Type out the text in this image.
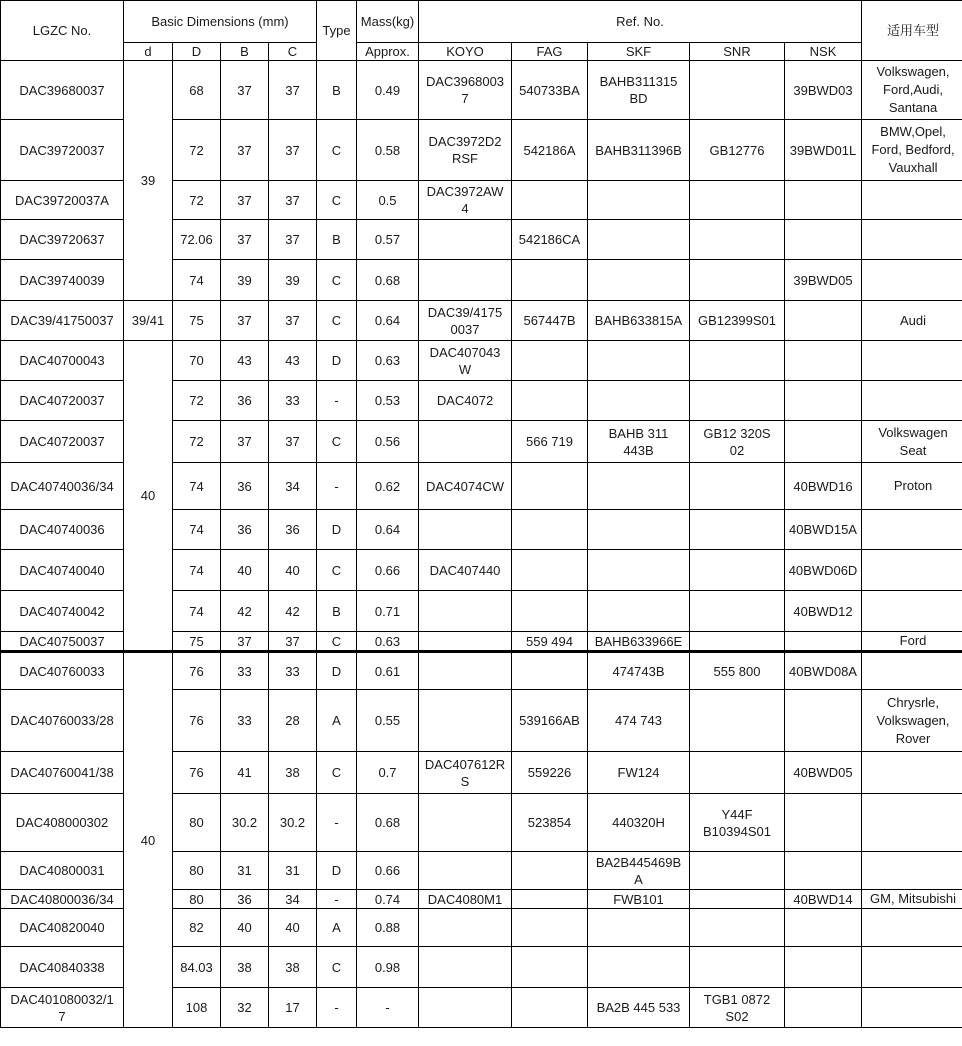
LGZC No.	Basic Dimensions (mm)				Type	Mass(kg)	Ref. No.					适用车型
	d	D	B	C		Approx.	KOYO	FAG	SKF	SNR	NSK	
DAC39680037	39	68	37	37	B	0.49	DAC3968003
7	540733BA	BAHB311315
BD		39BWD03	Volkswagen,
Ford,Audi,
Santana
DAC39720037		72	37	37	C	0.58	DAC3972D2
RSF	542186A	BAHB311396B	GB12776	39BWD01L	BMW,Opel,
Ford, Bedford,
Vauxhall
DAC39720037A		72	37	37	C	0.5	DAC3972AW
4					
DAC39720637		72.06	37	37	B	0.57		542186CA				
DAC39740039		74	39	39	C	0.68					39BWD05	
DAC39/41750037	39/41	75	37	37	C	0.64	DAC39/4175
0037	567447B	BAHB633815A	GB12399S01		Audi
DAC40700043	40	70	43	43	D	0.63	DAC407043
W					
DAC40720037		72	36	33	-	0.53	DAC4072					
DAC40720037		72	37	37	C	0.56		566 719	BAHB 311
443B	GB12 320S
02		Volkswagen
Seat
DAC40740036/34		74	36	34	-	0.62	DAC4074CW				40BWD16	Proton
DAC40740036		74	36	36	D	0.64					40BWD15A	
DAC40740040		74	40	40	C	0.66	DAC407440				40BWD06D	
DAC40740042		74	42	42	B	0.71					40BWD12	
DAC40750037		75	37	37	C	0.63		559 494	BAHB633966E			Ford
DAC40760033	40	76	33	33	D	0.61			474743B	555 800	40BWD08A	
DAC40760033/28		76	33	28	A	0.55		539166AB	474 743			Chrysrle,
Volkswagen,
Rover
DAC40760041/38		76	41	38	C	0.7	DAC407612R
S	559226	FW124		40BWD05	
DAC408000302		80	30.2	30.2	-	0.68		523854	440320H	Y44F
B10394S01		
DAC40800031		80	31	31	D	0.66			BA2B445469B
A			
DAC40800036/34		80	36	34	-	0.74	DAC4080M1		FWB101		40BWD14	GM, Mitsubishi
DAC40820040		82	40	40	A	0.88						
DAC40840338		84.03	38	38	C	0.98						
DAC401080032/1
7		108	32	17	-	-			BA2B 445 533	TGB1 0872
S02		
